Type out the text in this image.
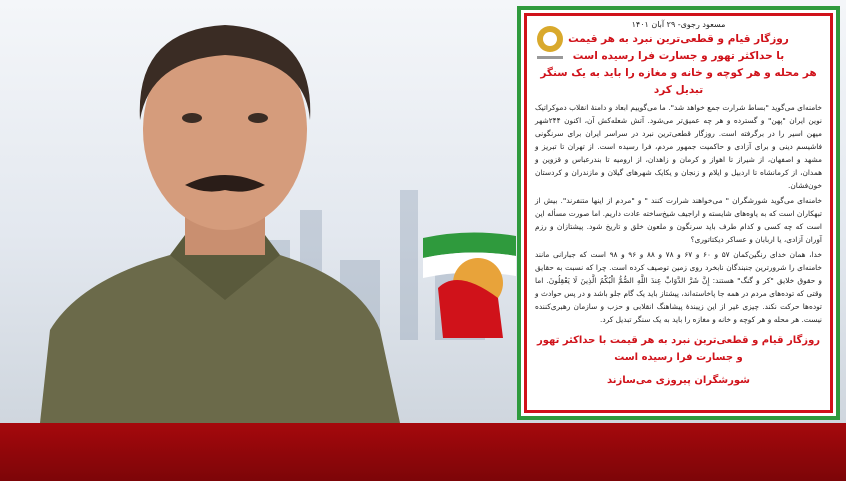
مسعود رجوی- ۲۹ آبان ۱۴۰۱
روزگار قیام و قطعی‌ترین نبرد به هر قیمت
با حداکثر تهور و جسارت فرا رسیده است
هر محله و هر کوچه و خانه و مغازه را باید به یک سنگر تبدیل کرد

خامنه‌ای می‌گوید "بساط شرارت جمع خواهد شد". ما می‌گوییم ابعاد و دامنهٔ انقلاب دموکراتیک نوین ایران "پهن" و گسترده و هر چه عمیق‌تر می‌شود. آتش شعله‌کش آن، اکنون ۲۴۴شهر میهن اسیر را در برگرفته است. روزگار قطعی‌ترین نبرد در سراسر ایران برای سرنگونی فاشیسم دینی و برای آزادی و حاکمیت جمهور مردم، فرا رسیده است. از تهران تا تبریز و مشهد و اصفهان، از شیراز تا اهواز و کرمان و زاهدان، از ارومیه تا بندرعباس و قزوین و همدان، از کرمانشاه تا اردبیل و ایلام و زنجان و یکایک شهرهای گیلان و مازندران و کردستان خون‌فشان.

خامنه‌ای می‌گوید شورشگران " می‌خواهند شرارت کنند " و "مردم از اینها متنفرند". بیش از تبهکاران است که به یاوه‌های شایسته و اراجیف شیخ‌ساخته عادت داریم. اما صورت مسأله این است که چه کسی و کدام طرف باید سرنگون و ملعون خلق و تاریخ شود. پیشتازان و رزم آوران آزادی، یا اربابان و عساکر دیکتاتوری؟

خدا، همان خدای رنگین‌کمان ۵۷ و ۶۰ و ۶۷ و ۷۸ و ۸۸ و ۹۶ و ۹۸ است که جبارانی مانند خامنه‌ای را شرورترین جنبندگان نابخرد روی زمین توصیف کرده است. چرا که نسبت به حقایق و حقوق خلایق "کر و گنگ" هستند: إِنَّ شَرَّ الدَّوَابِّ عِندَ اللَّهِ الصُّمُّ الْبُكْمُ الَّذِينَ لَا يَعْقِلُونَ. اما وقتی که توده‌های مردم در همه جا پاخاسته‌اند، پیشتاز باید یک گام جلو باشد و در پس حوادث و توده‌ها حرکت نکند. چیزی غیر از این زیبندهٔ پیشاهنگ انقلابی و حزب و سازمان رهبری‌کننده نیست. هر محله و هر کوچه و خانه و مغازه را باید به یک سنگر تبدیل کرد.

روزگار قیام و قطعی‌ترین نبرد به هر قیمت با حداکثر تهور و جسارت فرا رسیده است
شورشگران پیروزی می‌سازند
